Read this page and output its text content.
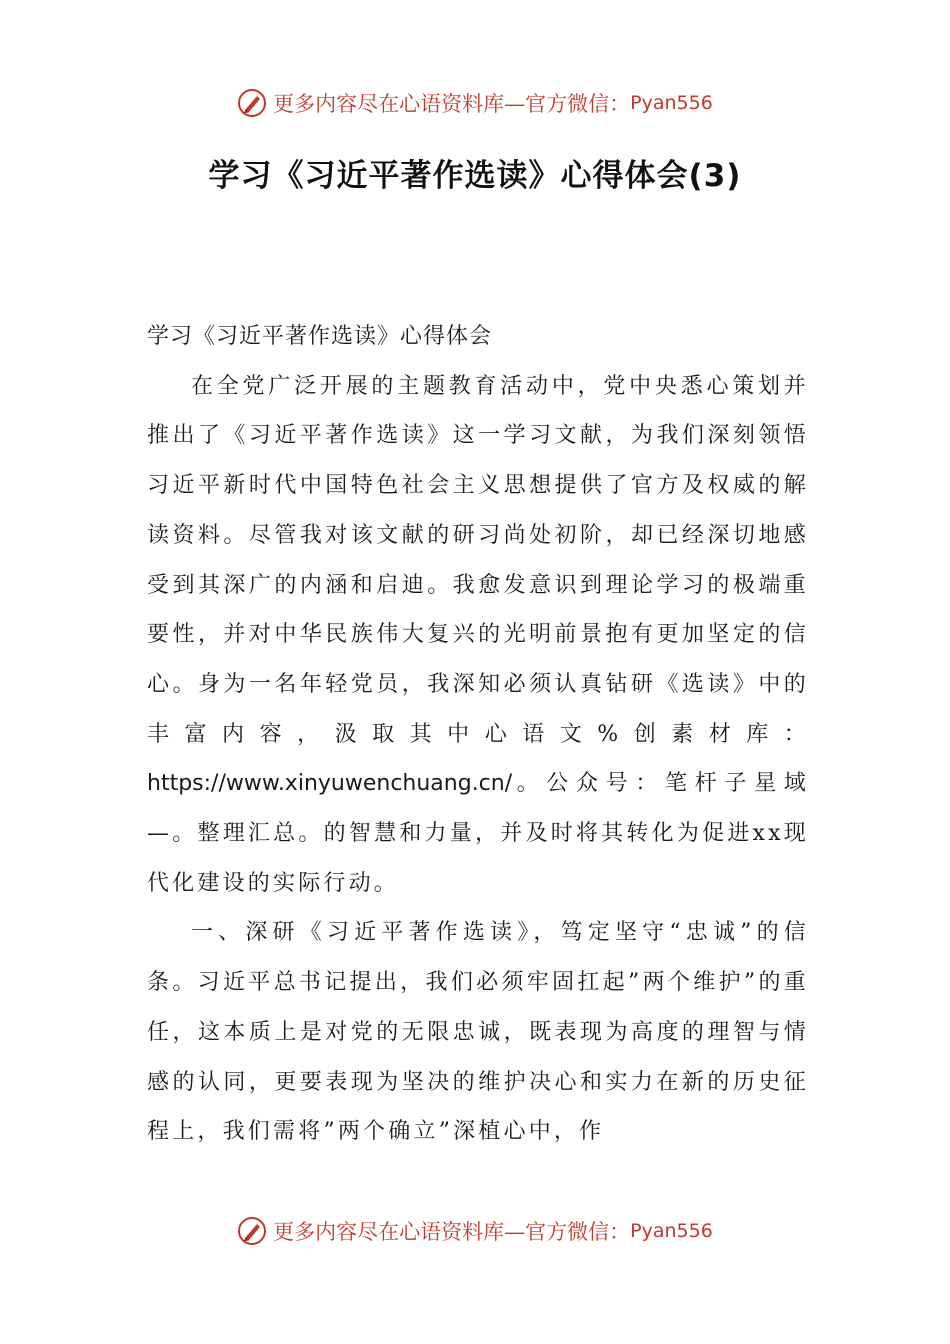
更多内容尽在心语资料库—官方微信： Pyan556
学习《习近平著作选读》心得体会(3)

学习《习近平著作选读》心得体会

在全党广泛开展的主题教育活动中，党中央悉心策划并推出了《习近平著作选读》这一学习文献，为我们深刻领悟习近平新时代中国特色社会主义思想提供了官方及权威的解读资料。尽管我对该文献的研习尚处初阶，却已经深切地感受到其深广的内涵和启迪。我愈发意识到理论学习的极端重要性，并对中华民族伟大复兴的光明前景抱有更加坚定的信心。身为一名年轻党员，我深知必须认真钻研《选读》中的丰富内容，汲取其中心语文%创素材库：https://www.xinyuwenchuang.cn/。公众号：笔杆子星域—。整理汇总。的智慧和力量，并及时将其转化为促进xx现代化建设的实际行动。

一、深研《习近平著作选读》，笃定坚守“忠诚”的信条。习近平总书记提出，我们必须牢固扛起”两个维护”的重任，这本质上是对党的无限忠诚，既表现为高度的理智与情感的认同，更要表现为坚决的维护决心和实力在新的历史征程上，我们需将”两个确立”深植心中，作

更多内容尽在心语资料库—官方微信： Pyan556
